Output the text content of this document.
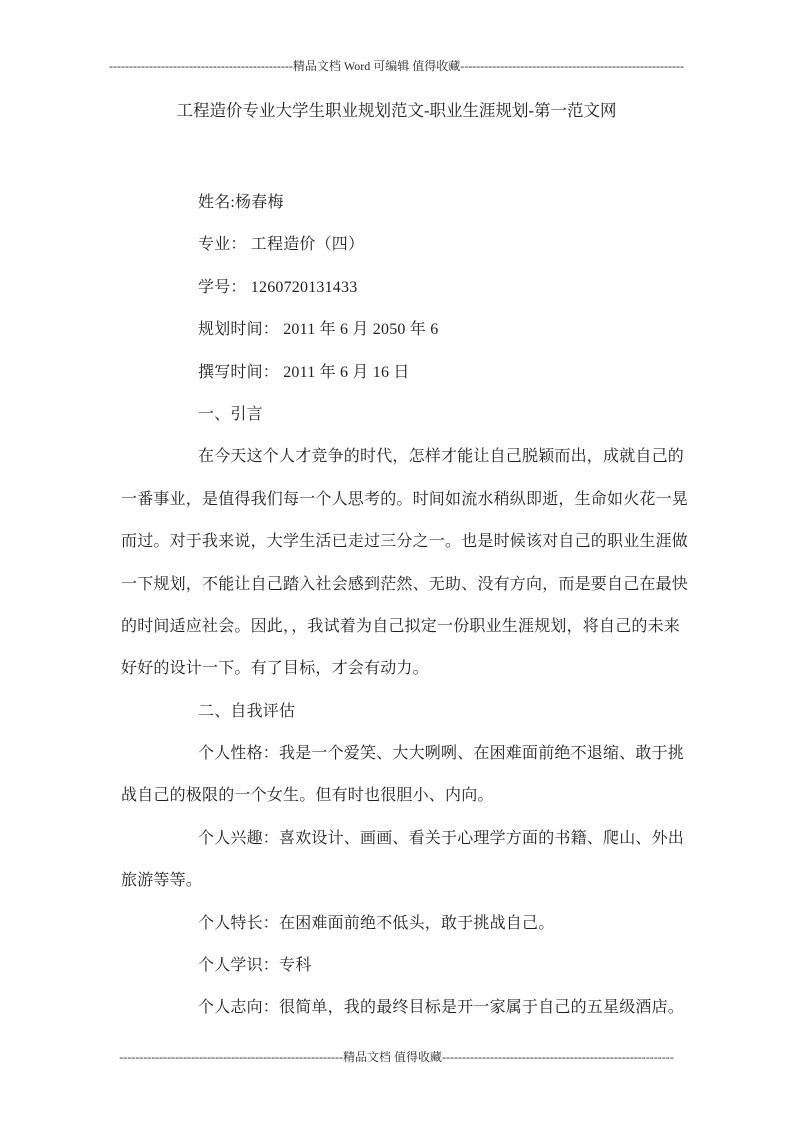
----------------------------------------------精品文档 Word 可编辑 值得收藏--------------------------------------------------------
工程造价专业大学生职业规划范文-职业生涯规划-第一范文网
姓名:杨春梅
专业： 工程造价（四）
学号： 1260720131433
规划时间： 2011 年 6 月 2050 年 6
撰写时间： 2011 年 6 月 16 日
一、引言
在今天这个人才竞争的时代，怎样才能让自己脱颖而出，成就自己的
一番事业，是值得我们每一个人思考的。时间如流水稍纵即逝，生命如火花一晃
而过。对于我来说，大学生活已走过三分之一。也是时候该对自己的职业生涯做
一下规划，不能让自己踏入社会感到茫然、无助、没有方向，而是要自己在最快
的时间适应社会。因此，，我试着为自己拟定一份职业生涯规划，将自己的未来
好好的设计一下。有了目标，才会有动力。
二、自我评估
个人性格：我是一个爱笑、大大咧咧、在困难面前绝不退缩、敢于挑
战自己的极限的一个女生。但有时也很胆小、内向。
个人兴趣：喜欢设计、画画、看关于心理学方面的书籍、爬山、外出
旅游等等。
个人特长：在困难面前绝不低头，敢于挑战自己。
个人学识：专科
个人志向：很简单，我的最终目标是开一家属于自己的五星级酒店。
--------------------------------------------------------精品文档 值得收藏----------------------------------------------------------
